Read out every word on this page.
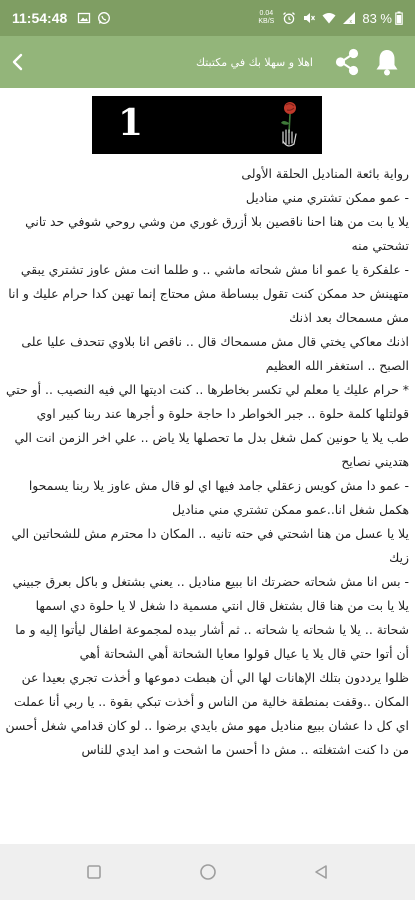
11:54:48	0.04
KB/S	x 83 %
اهلا و سهلا بك في مكتبتك
1

رواية بائعة المناديل الحلقة الأولى

- عمو ممكن تشتري مني مناديل

يلا يا بت من هنا احنا ناقصين بلا أزرق غوري من وشي روحي شوفي حد تاني تشحتي منه

- علفكرة يا عمو انا مش شحاته ماشي .. و طلما انت مش عاوز تشتري يبقي متهينش حد ممكن كنت تقول ببساطة مش محتاج إنما تهين كدا حرام عليك و انا مش مسمحاك بعد اذنك

اذنك معاكي يختي قال مش مسمحاك قال .. ناقص انا بلاوي تتحدف عليا على الصبح .. استغفر الله العظيم

* حرام عليك يا معلم لي تكسر بخاطرها .. كنت اديتها الي فيه النصيب .. أو حتي قولتلها كلمة حلوة .. جبر الخواطر دا حاجة حلوة و أجرها عند ربنا كبير اوي

طب يلا يا حونين كمل شغل بدل ما تحصلها يلا ياض .. علي اخر الزمن انت الي هتديني نصايح

- عمو دا مش كويس زعقلي جامد فيها اي لو قال مش عاوز يلا ربنا يسمحوا هكمل شغل انا..عمو ممكن تشتري مني مناديل

يلا يا عسل من هنا اشحتي في حته تانيه .. المكان دا محترم مش للشحاتين الي زيك

- بس انا مش شحاته حضرتك انا ببيع مناديل .. يعني بشتغل و باكل بعرق جبيني

يلا يا بت من هنا قال بشتغل قال انتي مسمية دا شغل لا يا حلوة دي اسمها شحاتة .. يلا يا شحاته يا شحاته .. ثم أشار بيده لمجموعة اطفال ليأتوا إليه و ما أن أتوا حتي قال يلا يا عيال قولوا معايا الشحاتة أهي الشحاتة أهي

ظلوا يرددون بتلك الإهانات لها الي أن هبطت دموعها و أخذت تجري بعيدا عن المكان ..وقفت بمنطقة خالية من الناس و أخذت تبكي بقوة .. يا ربي أنا عملت اي كل دا عشان ببيع مناديل مهو مش بايدي برضوا .. لو كان قدامي شغل أحسن من دا كنت اشتغلته .. مش دا أحسن ما اشحت و امد ايدي للناس
